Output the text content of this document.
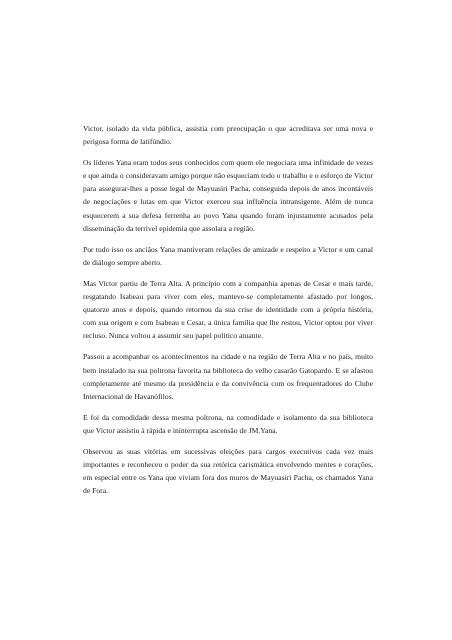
Victor, isolado da vida pública, assistia com preocupação o que acreditava ser uma nova e perigosa forma de latifúndio.

Os líderes Yana eram todos seus conhecidos com quem ele negociara uma infinidade de vezes e que ainda o consideravam amigo porque não esqueciam todo o trabalho e o esforço de Victor para assegurar-lhes a posse legal de Mayuasiri Pacha, conseguida depois de anos incontáveis de negociações e lutas em que Victor exerceu sua influência intransigente. Além de nunca esquecerem a sua defesa ferrenha ao povo Yana quando foram injustamente acusados pela disseminação da terrível epidemia que assolara a região.

Por tudo isso os anciãos Yana mantiveram relações de amizade e respeito a Victor e um canal de diálogo sempre aberto.

Mas Victor partiu de Terra Alta. A princípio com a companhia apenas de Cesar e mais tarde, resgatando Isabeau para viver com eles, manteve-se completamente afastado por longos, quatorze anos e depois, quando retornou da sua crise de identidade com a própria história, com sua origem e com Isabeau e Cesar, a única família que lhe restou, Victor optou por viver recluso. Nunca voltou a assumir seu papel político atuante.

Passou a acompanhar os acontecimentos na cidade e na região de Terra Alta e no país, muito bem instalado na sua poltrona favorita na biblioteca do velho casarão Gatopardo. E se afastou completamente até mesmo da presidência e da convivência com os frequentadores do Clube Internacional de Havanófilos.

E foi da comodidade dessa mesma poltrona, na comodidade e isolamento da sua biblioteca que Victor assistiu à rápida e ininterrupta ascensão de JM.Yana.

Observou as suas vitórias em sucessivas eleições para cargos executivos cada vez mais importantes e reconheceu o poder da sua retórica carismática envolvendo mentes e corações, em especial entre os Yana que viviam fora dos muros de Mayuasiri Pacha, os chamados Yana de Fora.
